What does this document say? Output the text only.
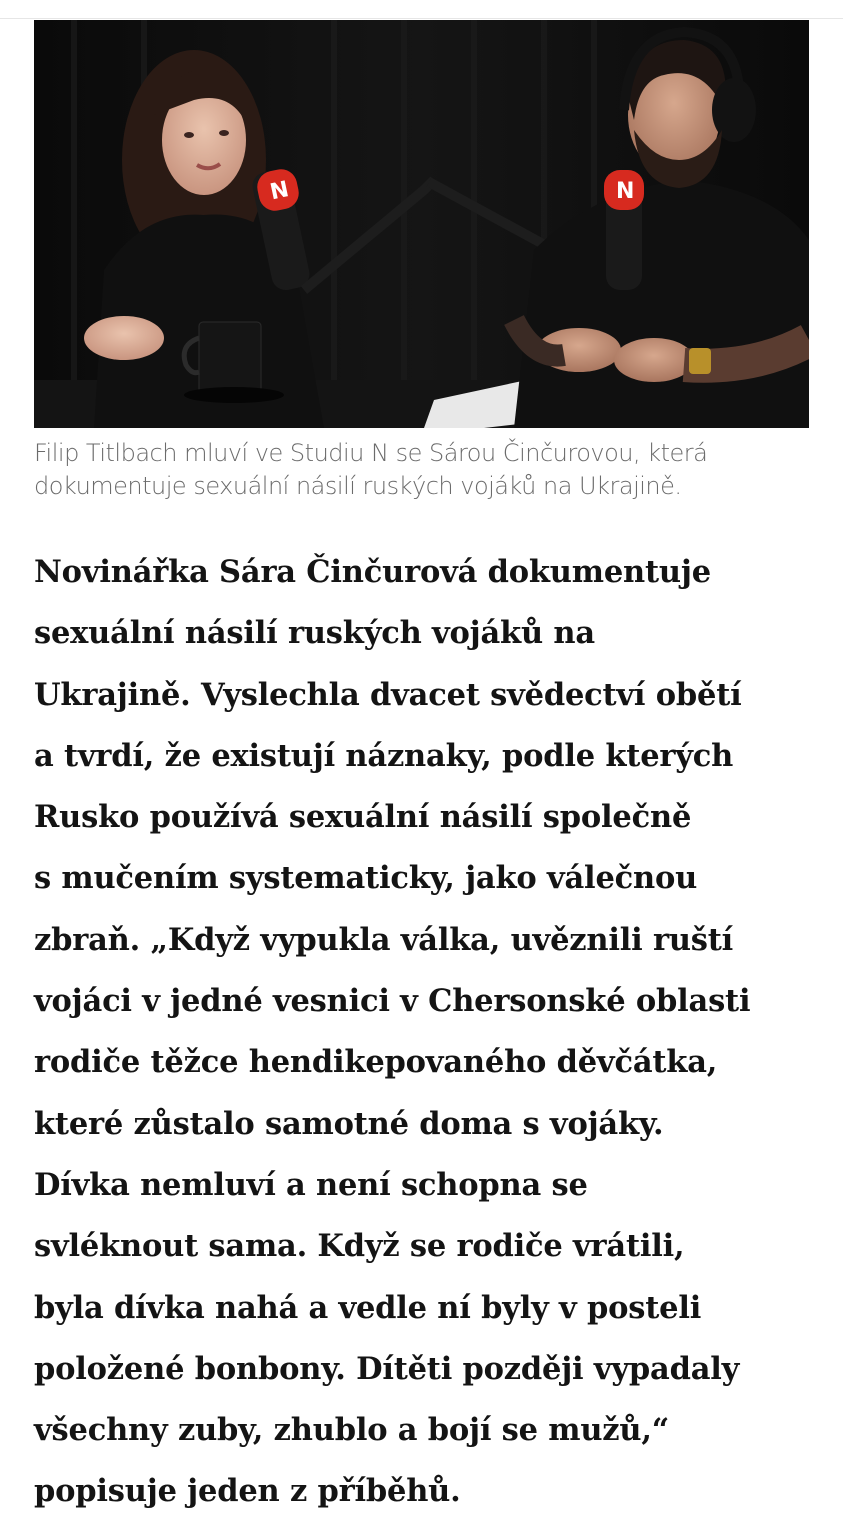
N	N

Filip Titlbach mluví ve Studiu N se Sárou Činčurovou, která dokumentuje sexuální násilí ruských vojáků na Ukrajině.

Novinářka Sára Činčurová dokumentuje
sexuální násilí ruských vojáků na
Ukrajině. Vyslechla dvacet svědectví obětí
a tvrdí, že existují náznaky, podle kterých
Rusko používá sexuální násilí společně
s mučením systematicky, jako válečnou
zbraň. „Když vypukla válka, uvěznili ruští
vojáci v jedné vesnici v Chersonské oblasti
rodiče těžce hendikepovaného děvčátka,
které zůstalo samotné doma s vojáky.
Dívka nemluví a není schopna se
svléknout sama. Když se rodiče vrátili,
byla dívka nahá a vedle ní byly v posteli
položené bonbony. Dítěti později vypadaly
všechny zuby, zhublo a bojí se mužů,“
popisuje jeden z příběhů.
